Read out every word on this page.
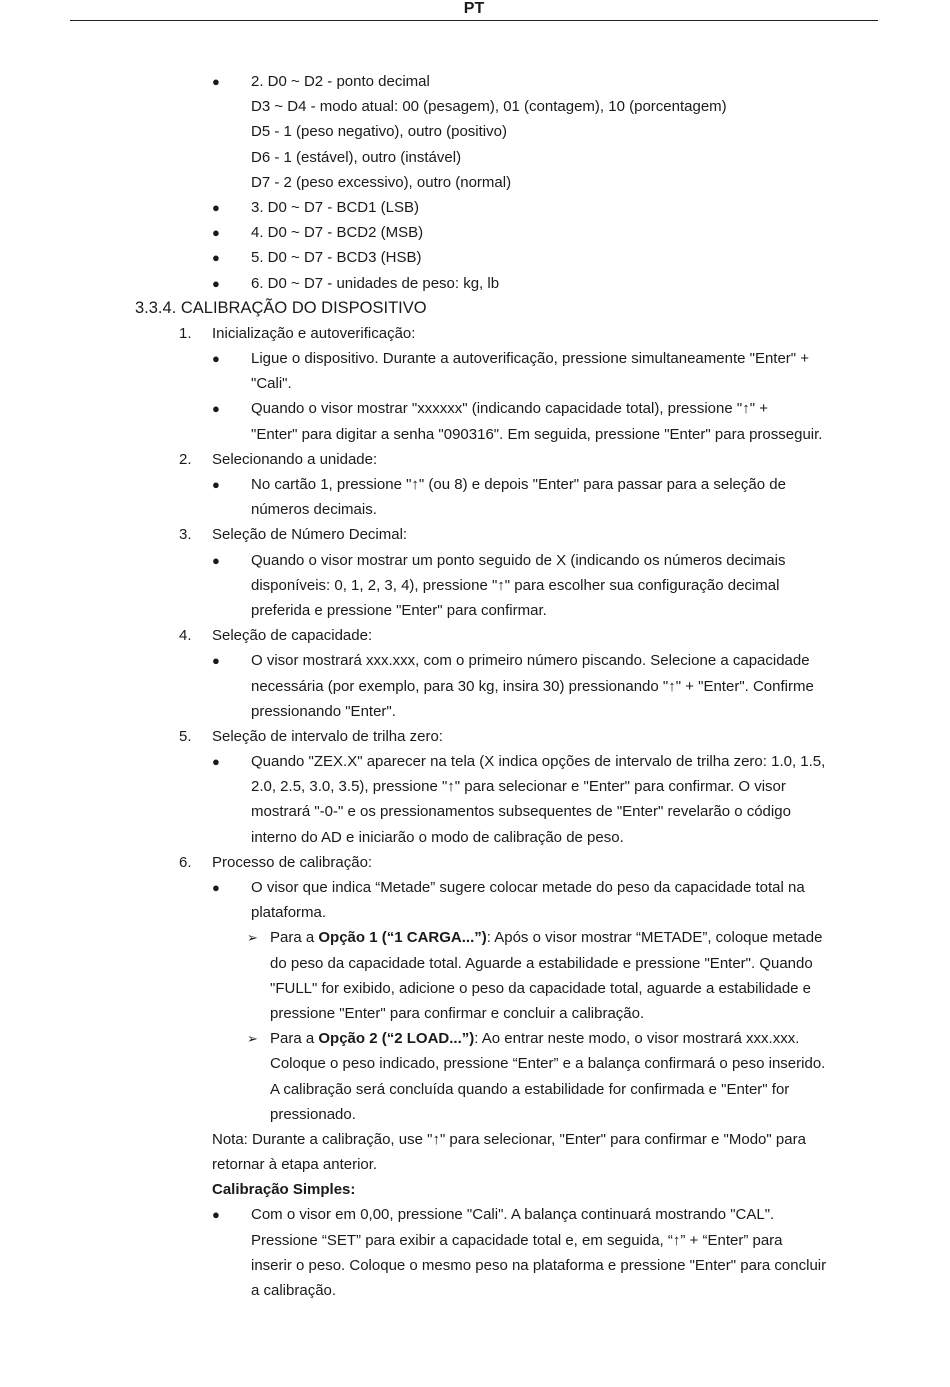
PT
● 2. D0 ~ D2 - ponto decimal
D3 ~ D4 - modo atual: 00 (pesagem), 01 (contagem), 10 (porcentagem)
D5 - 1 (peso negativo), outro (positivo)
D6 - 1 (estável), outro (instável)
D7 - 2 (peso excessivo), outro (normal)
● 3. D0 ~ D7 - BCD1 (LSB)
● 4. D0 ~ D7 - BCD2 (MSB)
● 5. D0 ~ D7 - BCD3 (HSB)
● 6. D0 ~ D7 - unidades de peso: kg, lb
3.3.4. CALIBRAÇÃO DO DISPOSITIVO
1. Inicialização e autoverificação:
● Ligue o dispositivo. Durante a autoverificação, pressione simultaneamente "Enter" +
"Cali".
● Quando o visor mostrar "xxxxxx" (indicando capacidade total), pressione "↑" +
"Enter" para digitar a senha "090316". Em seguida, pressione "Enter" para prosseguir.
2. Selecionando a unidade:
● No cartão 1, pressione "↑" (ou 8) e depois "Enter" para passar para a seleção de
números decimais.
3. Seleção de Número Decimal:
● Quando o visor mostrar um ponto seguido de X (indicando os números decimais
disponíveis: 0, 1, 2, 3, 4), pressione "↑" para escolher sua configuração decimal
preferida e pressione "Enter" para confirmar.
4. Seleção de capacidade:
● O visor mostrará xxx.xxx, com o primeiro número piscando. Selecione a capacidade
necessária (por exemplo, para 30 kg, insira 30) pressionando "↑" + "Enter". Confirme
pressionando "Enter".
5. Seleção de intervalo de trilha zero:
● Quando "ZEX.X" aparecer na tela (X indica opções de intervalo de trilha zero: 1.0, 1.5,
2.0, 2.5, 3.0, 3.5), pressione "↑" para selecionar e "Enter" para confirmar. O visor
mostrará "-0-" e os pressionamentos subsequentes de "Enter" revelarão o código
interno do AD e iniciarão o modo de calibração de peso.
6. Processo de calibração:
● O visor que indica “Metade” sugere colocar metade do peso da capacidade total na
plataforma.
➢ Para a Opção 1 (“1 CARGA...”): Após o visor mostrar “METADE”, coloque metade
do peso da capacidade total. Aguarde a estabilidade e pressione "Enter". Quando
"FULL" for exibido, adicione o peso da capacidade total, aguarde a estabilidade e
pressione "Enter" para confirmar e concluir a calibração.
➢ Para a Opção 2 (“2 LOAD...”): Ao entrar neste modo, o visor mostrará xxx.xxx.
Coloque o peso indicado, pressione “Enter” e a balança confirmará o peso inserido.
A calibração será concluída quando a estabilidade for confirmada e "Enter" for
pressionado.
Nota: Durante a calibração, use "↑" para selecionar, "Enter" para confirmar e "Modo" para
retornar à etapa anterior.
Calibração Simples:
● Com o visor em 0,00, pressione "Cali". A balança continuará mostrando "CAL".
Pressione “SET” para exibir a capacidade total e, em seguida, “↑” + “Enter” para
inserir o peso. Coloque o mesmo peso na plataforma e pressione "Enter" para concluir
a calibração.
